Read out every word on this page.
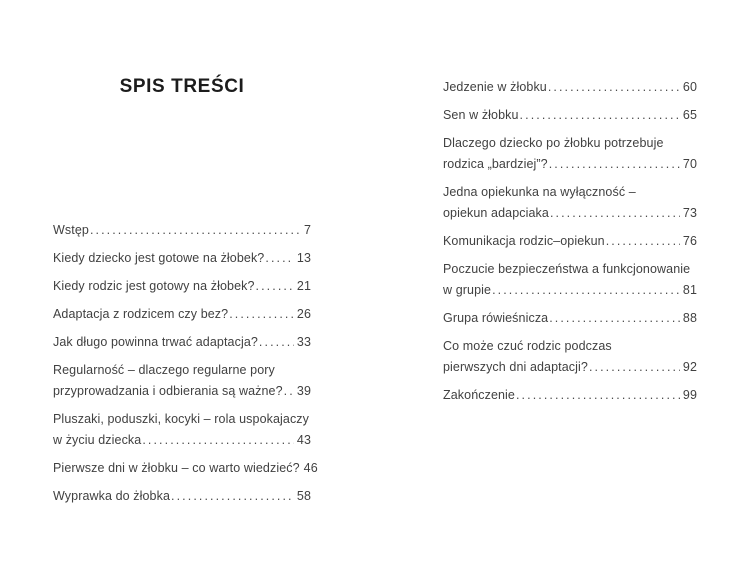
SPIS TREŚCI
Wstęp .....	7
Kiedy dziecko jest gotowe na żłobek? .....	13
Kiedy rodzic jest gotowy na żłobek? .....	21
Adaptacja z rodzicem czy bez? .....	26
Jak długo powinna trwać adaptacja? .....	33
Regularność – dlaczego regularne pory
przyprowadzania i odbierania są ważne? ..... 39
Pluszaki, poduszki, kocyki – rola uspokajaczy
w życiu dziecka .....	43
Pierwsze dni w żłobku – co warto wiedzieć? 46
Wyprawka do żłobka .....	58
Jedzenie w żłobku .....	60
Sen w żłobku .....	65
Dlaczego dziecko po żłobku potrzebuje
rodzica „bardziej”? .....	70
Jedna opiekunka na wyłączność –
opiekun adapciaka .....	73
Komunikacja rodzic–opiekun .....	76
Poczucie bezpieczeństwa a funkcjonowanie
w grupie .....	81
Grupa rówieśnicza .....	88
Co może czuć rodzic podczas
pierwszych dni adaptacji? .....	92
Zakończenie .....	99
